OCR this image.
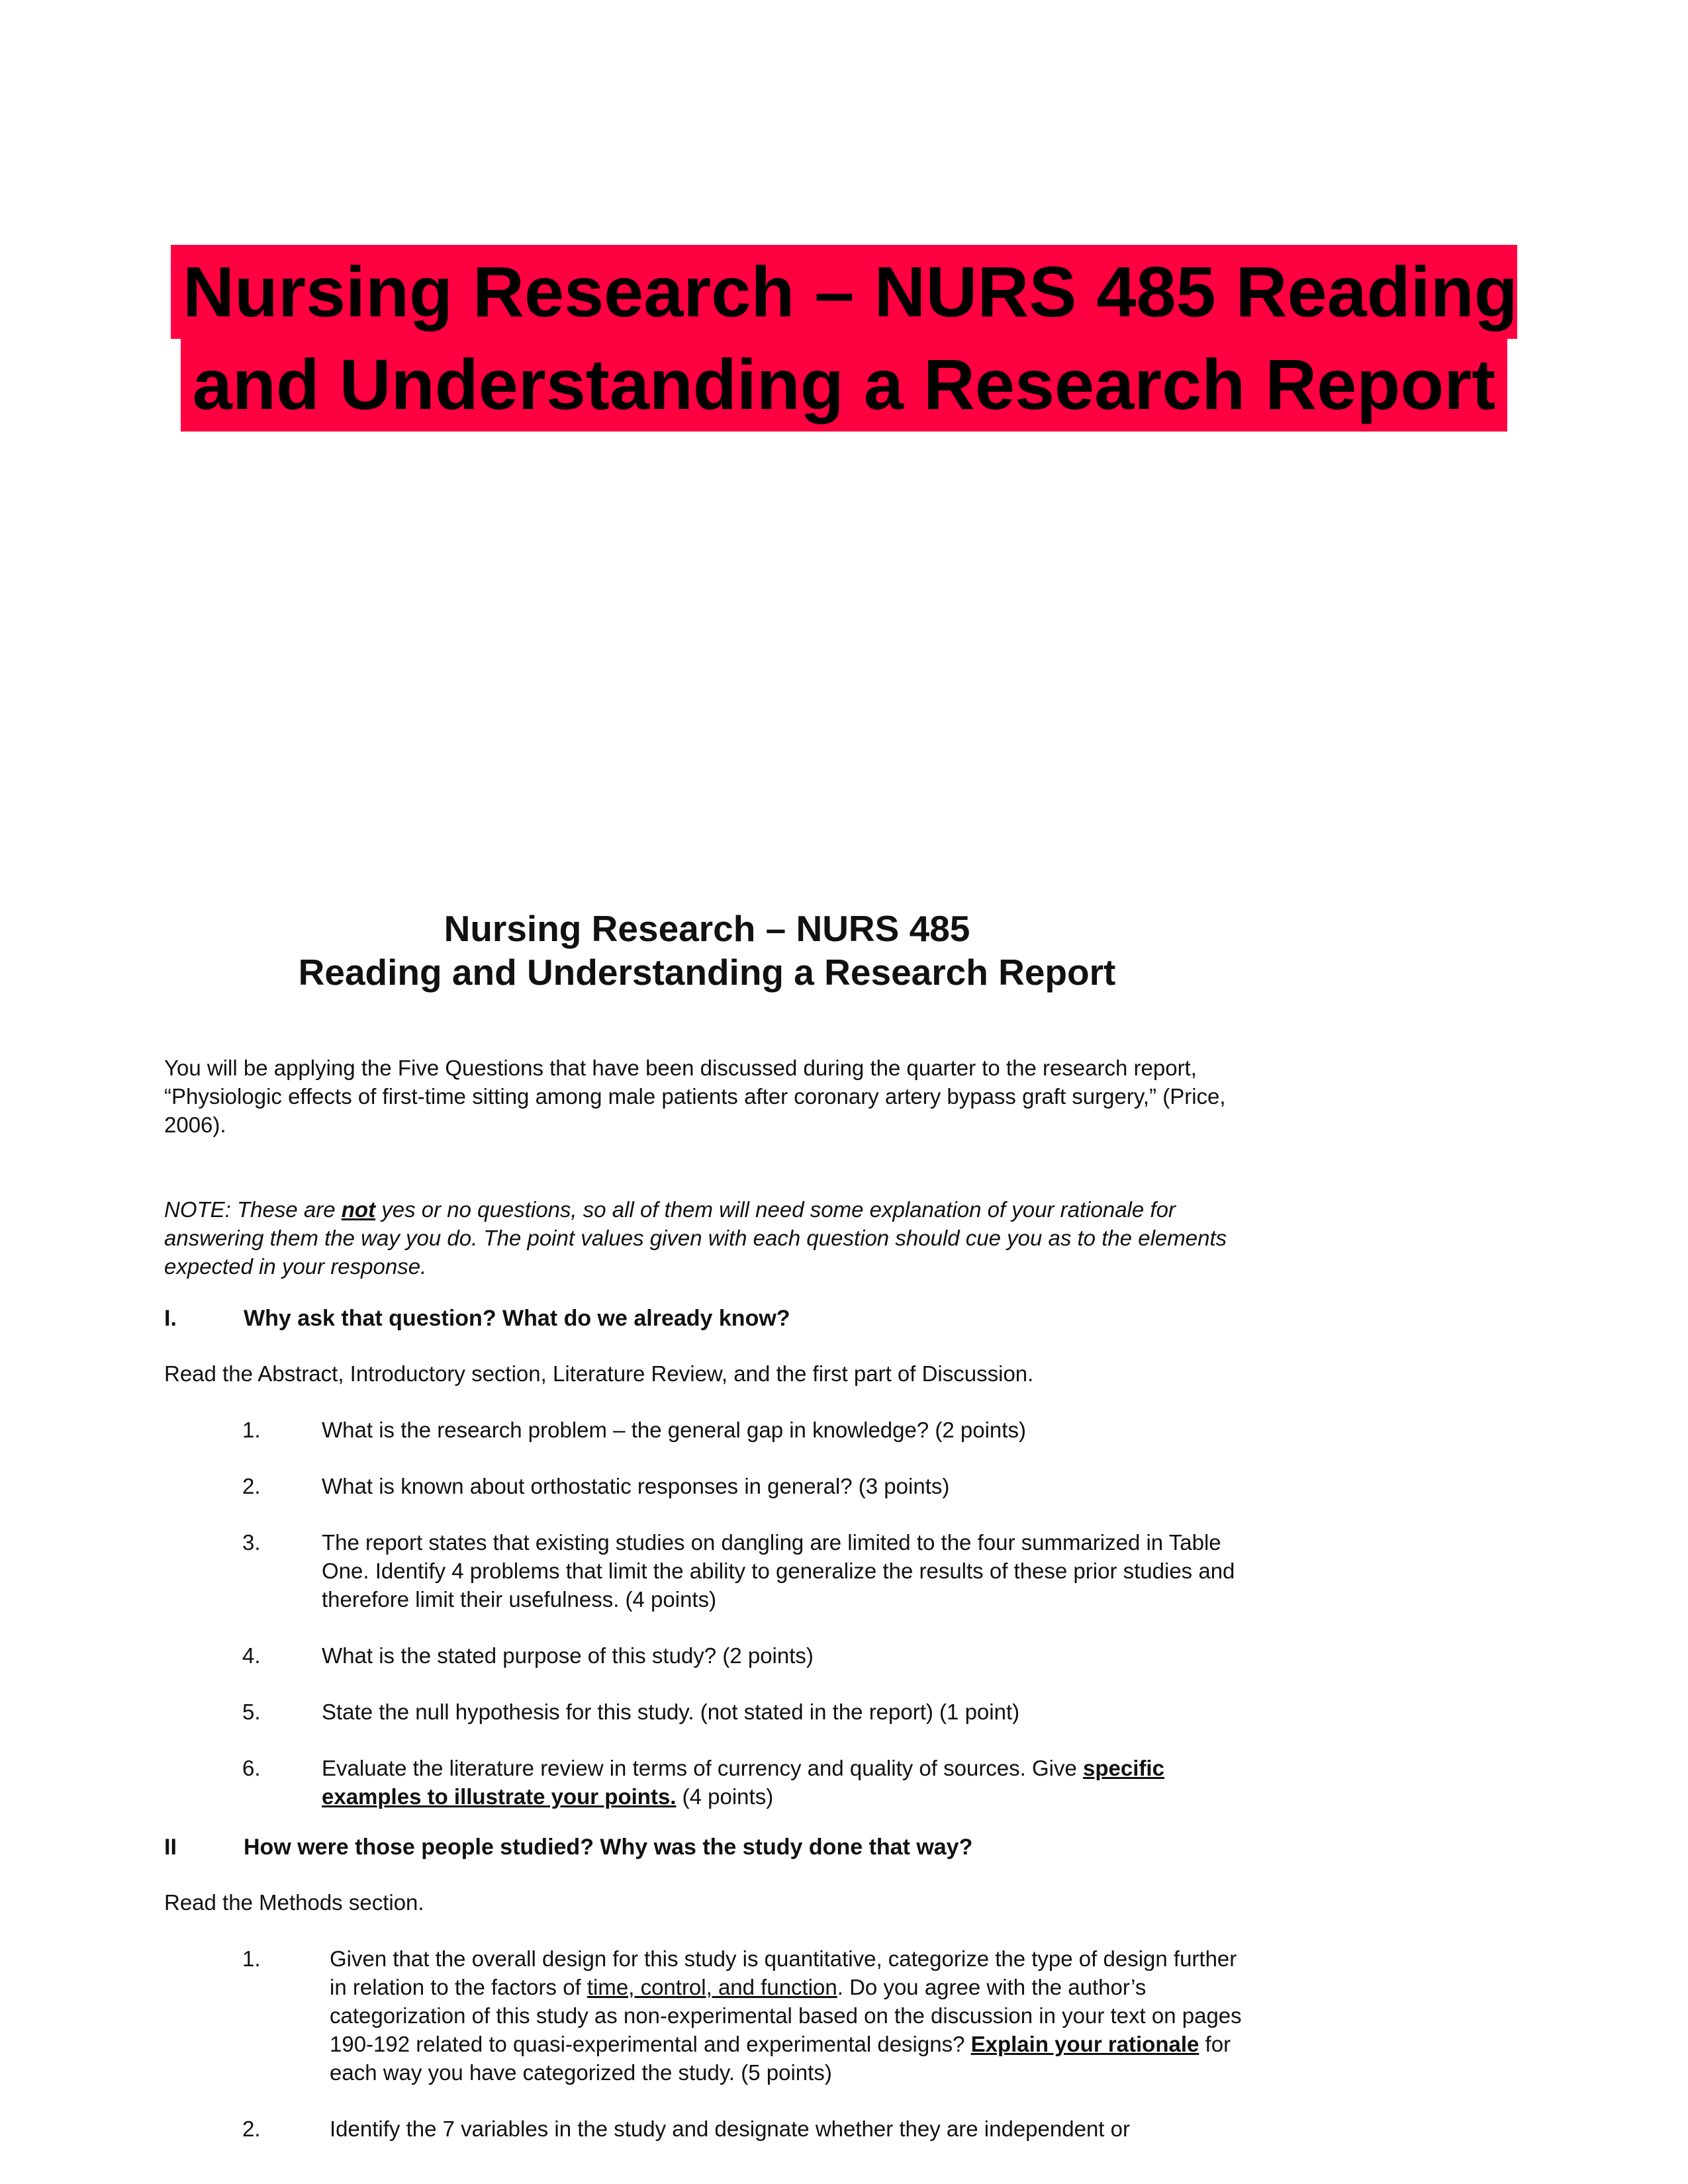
Nursing Research – NURS 485 Reading
and Understanding a Research Report
Nursing Research – NURS 485
Reading and Understanding a Research Report

You will be applying the Five Questions that have been discussed during the quarter to the research report, “Physiologic effects of first-time sitting among male patients after coronary artery bypass graft surgery,” (Price, 2006).

NOTE: These are not yes or no questions, so all of them will need some explanation of your rationale for answering them the way you do. The point values given with each question should cue you as to the elements expected in your response.

I.	Why ask that question? What do we already know?

Read the Abstract, Introductory section, Literature Review, and the first part of Discussion.

1.	What is the research problem – the general gap in knowledge? (2 points)
2.	What is known about orthostatic responses in general? (3 points)
3.	The report states that existing studies on dangling are limited to the four summarized in Table One. Identify 4 problems that limit the ability to generalize the results of these prior studies and therefore limit their usefulness. (4 points)
4.	What is the stated purpose of this study? (2 points)
5.	State the null hypothesis for this study. (not stated in the report) (1 point)
6.	Evaluate the literature review in terms of currency and quality of sources. Give specific examples to illustrate your points. (4 points)
II	How were those people studied? Why was the study done that way?

Read the Methods section.

1.	Given that the overall design for this study is quantitative, categorize the type of design further in relation to the factors of time, control, and function. Do you agree with the author’s categorization of this study as non-experimental based on the discussion in your text on pages 190-192 related to quasi-experimental and experimental designs? Explain your rationale for each way you have categorized the study. (5 points)
2.	Identify the 7 variables in the study and designate whether they are independent or
